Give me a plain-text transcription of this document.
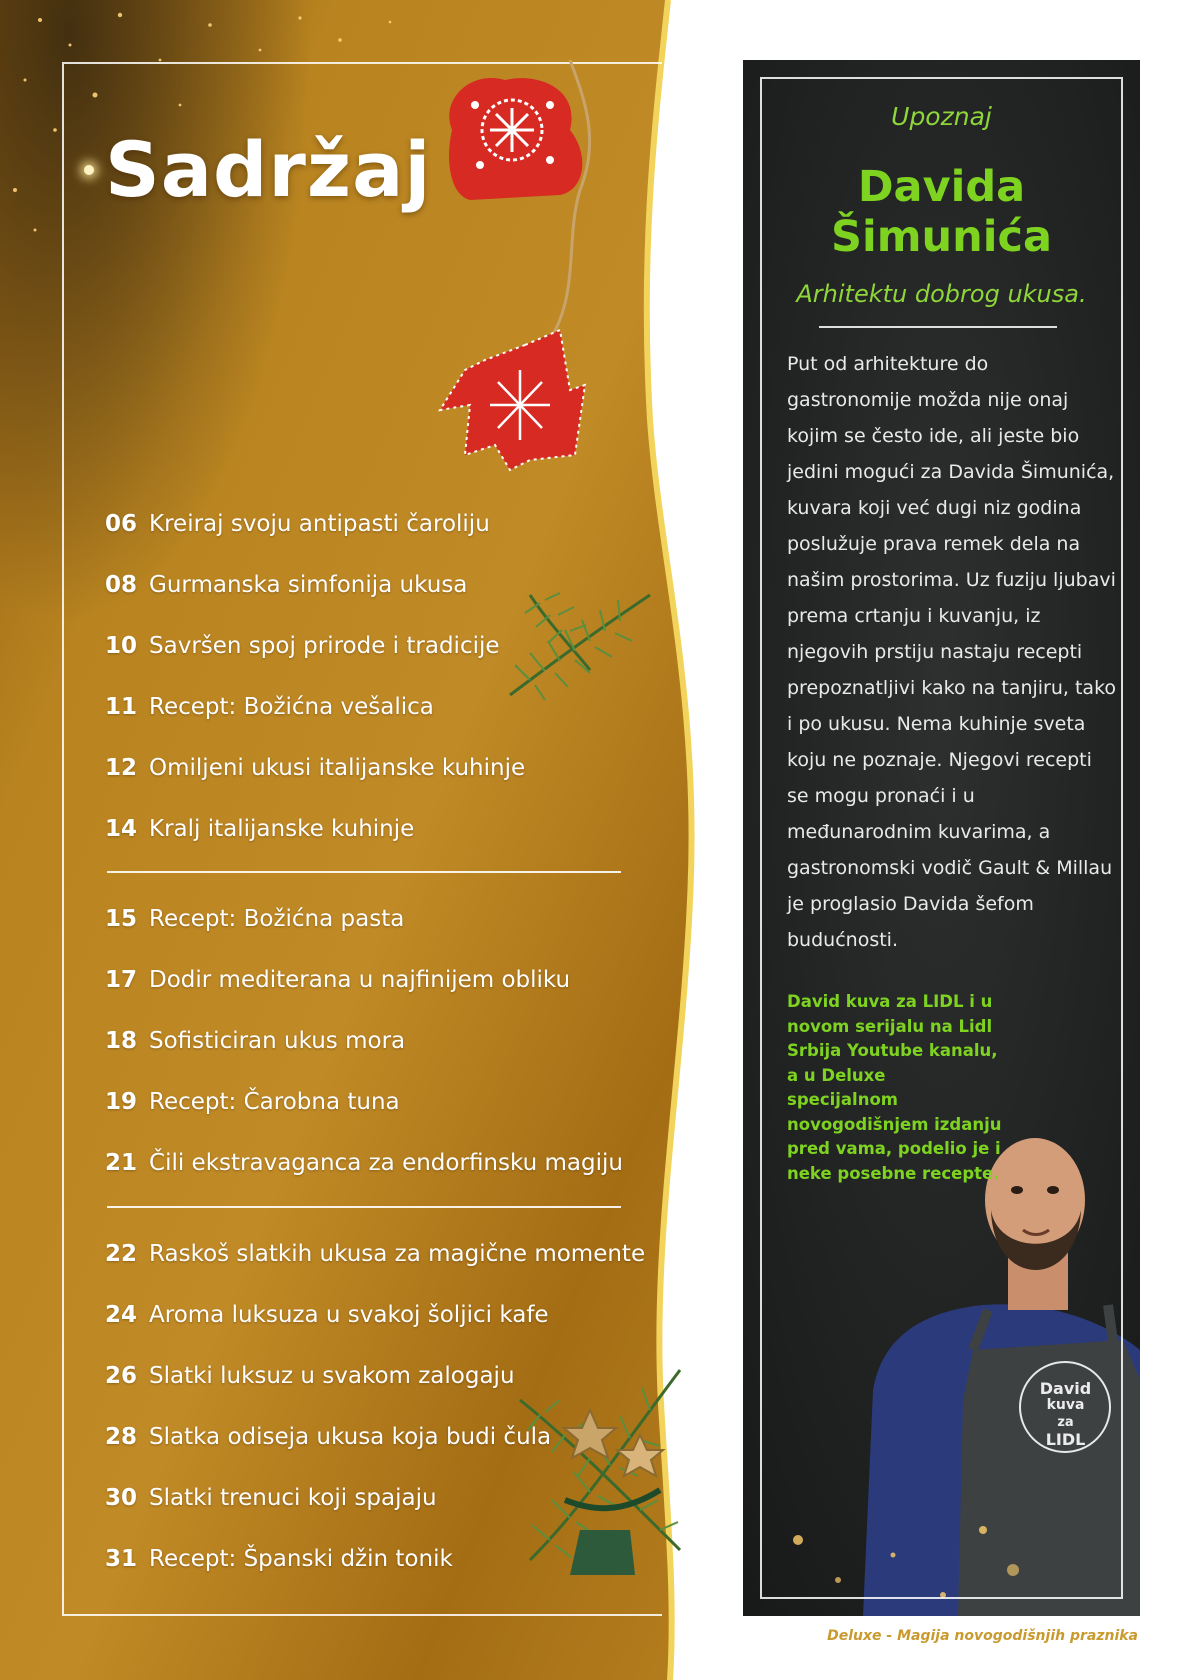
Sadržaj
06 Kreiraj svoju antipasti čaroliju
08 Gurmanska simfonija ukusa
10 Savršen spoj prirode i tradicije
11 Recept: Božićna vešalica
12 Omiljeni ukusi italijanske kuhinje
14 Kralj italijanske kuhinje
15 Recept: Božićna pasta
17 Dodir mediterana u najfinijem obliku
18 Sofisticiran ukus mora
19 Recept: Čarobna tuna
21 Čili ekstravaganca za endorfinsku magiju
22 Raskoš slatkih ukusa za magične momente
24 Aroma luksuza u svakoj šoljici kafe
26 Slatki luksuz u svakom zalogaju
28 Slatka odiseja ukusa koja budi čula
30 Slatki trenuci koji spajaju
31 Recept: Španski džin tonik
Upoznaj
Davida
Šimunića
Arhitektu dobrog ukusa.
Put od arhitekture do gastronomije možda nije onaj kojim se često ide, ali jeste bio jedini mogući za Davida Šimunića, kuvara koji već dugi niz godina poslužuje prava remek dela na našim prostorima. Uz fuziju ljubavi prema crtanju i kuvanju, iz njegovih prstiju nastaju recepti prepoznatljivi kako na tanjiru, tako i po ukusu. Nema kuhinje sveta koju ne poznaje. Njegovi recepti se mogu pronaći i u međunarodnim kuvarima, a gastronomski vodič Gault & Millau je proglasio Davida šefom budućnosti.
David kuva za LIDL i u novom serijalu na Lidl Srbija Youtube kanalu, a u Deluxe specijalnom novogodišnjem izdanju pred vama, podelio je i neke posebne recepte.
David
kuva
za
LIDL
Deluxe - Magija novogodišnjih praznika
